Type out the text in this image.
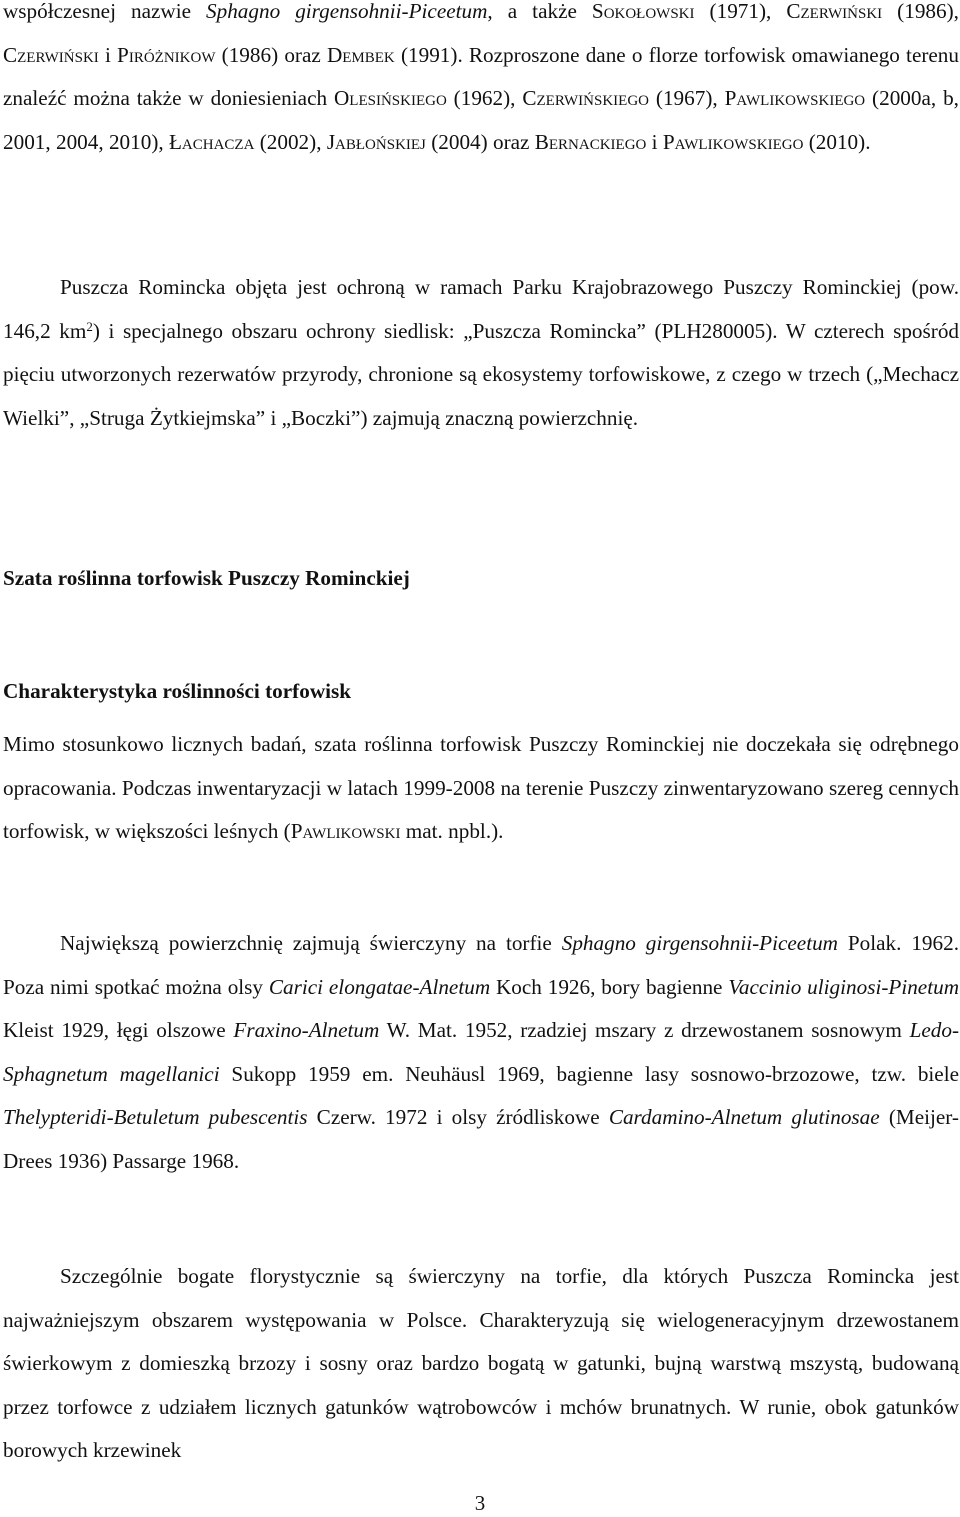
współczesnej nazwie Sphagno girgensohnii-Piceetum, a także Sokołowski (1971), Czerwiński (1986), Czerwiński i Piróżnikow (1986) oraz Dembek (1991). Rozproszone dane o florze torfowisk omawianego terenu znaleźć można także w doniesieniach Olesińskiego (1962), Czerwińskiego (1967), Pawlikowskiego (2000a, b, 2001, 2004, 2010), Łachacza (2002), Jabłońskiej (2004) oraz Bernackiego i Pawlikowskiego (2010).

Puszcza Romincka objęta jest ochroną w ramach Parku Krajobrazowego Puszczy Rominckiej (pow. 146,2 $km^2$) i specjalnego obszaru ochrony siedlisk: „Puszcza Romincka” (PLH280005). W czterech spośród pięciu utworzonych rezerwatów przyrody, chronione są ekosystemy torfowiskowe, z czego w trzech („Mechacz Wielki”, „Struga Żytkiejmska” i „Boczki”) zajmują znaczną powierzchnię.

Szata roślinna torfowisk Puszczy Rominckiej
Charakterystyka roślinności torfowisk

Mimo stosunkowo licznych badań, szata roślinna torfowisk Puszczy Rominckiej nie doczekała się odrębnego opracowania. Podczas inwentaryzacji w latach 1999-2008 na terenie Puszczy zinwentaryzowano szereg cennych torfowisk, w większości leśnych (Pawlikowski mat. npbl.).

Największą powierzchnię zajmują świerczyny na torfie Sphagno girgensohnii-Piceetum Polak. 1962. Poza nimi spotkać można olsy Carici elongatae-Alnetum Koch 1926, bory bagienne Vaccinio uliginosi-Pinetum Kleist 1929, łęgi olszowe Fraxino-Alnetum W. Mat. 1952, rzadziej mszary z drzewostanem sosnowym Ledo-Sphagnetum magellanici Sukopp 1959 em. Neuhäusl 1969, bagienne lasy sosnowo-brzozowe, tzw. biele Thelypteridi-Betuletum pubescentis Czerw. 1972 i olsy źródliskowe Cardamino-Alnetum glutinosae (Meijer-Drees 1936) Passarge 1968.

Szczególnie bogate florystycznie są świerczyny na torfie, dla których Puszcza Romincka jest najważniejszym obszarem występowania w Polsce. Charakteryzują się wielogeneracyjnym drzewostanem świerkowym z domieszką brzozy i sosny oraz bardzo bogatą w gatunki, bujną warstwą mszystą, budowaną przez torfowce z udziałem licznych gatunków wątrobowców i mchów brunatnych. W runie, obok gatunków borowych krzewinek

3
